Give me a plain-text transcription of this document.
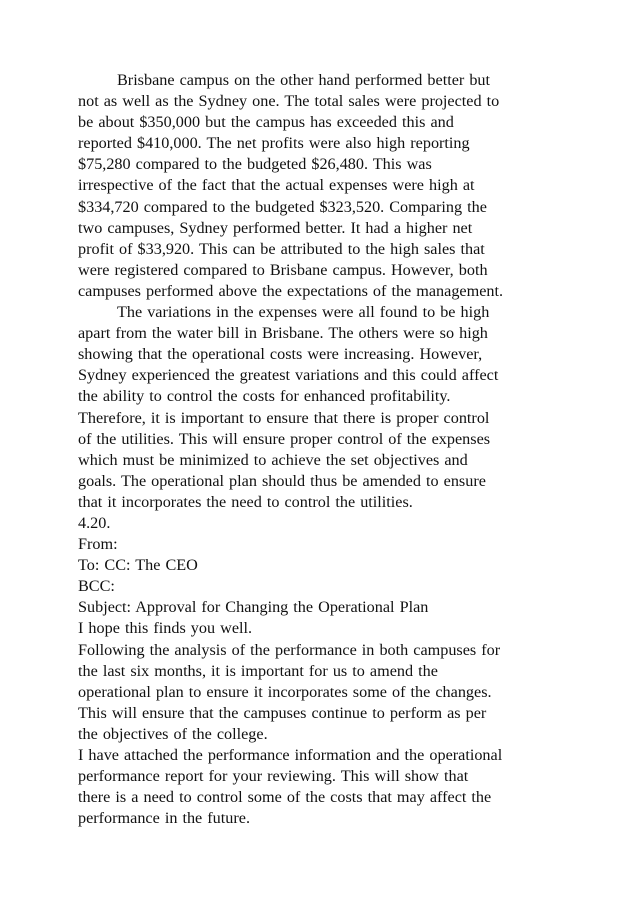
Brisbane campus on the other hand performed better but
not as well as the Sydney one. The total sales were projected to
be about $350,000 but the campus has exceeded this and
reported $410,000. The net profits were also high reporting
$75,280 compared to the budgeted $26,480. This was
irrespective of the fact that the actual expenses were high at
$334,720 compared to the budgeted $323,520. Comparing the
two campuses, Sydney performed better. It had a higher net
profit of $33,920. This can be attributed to the high sales that
were registered compared to Brisbane campus. However, both
campuses performed above the expectations of the management.
The variations in the expenses were all found to be high
apart from the water bill in Brisbane. The others were so high
showing that the operational costs were increasing. However,
Sydney experienced the greatest variations and this could affect
the ability to control the costs for enhanced profitability.
Therefore, it is important to ensure that there is proper control
of the utilities. This will ensure proper control of the expenses
which must be minimized to achieve the set objectives and
goals. The operational plan should thus be amended to ensure
that it incorporates the need to control the utilities.
4.20.
From:
To: CC: The CEO
BCC:
Subject: Approval for Changing the Operational Plan
I hope this finds you well.
Following the analysis of the performance in both campuses for
the last six months, it is important for us to amend the
operational plan to ensure it incorporates some of the changes.
This will ensure that the campuses continue to perform as per
the objectives of the college.
I have attached the performance information and the operational
performance report for your reviewing. This will show that
there is a need to control some of the costs that may affect the
performance in the future.
